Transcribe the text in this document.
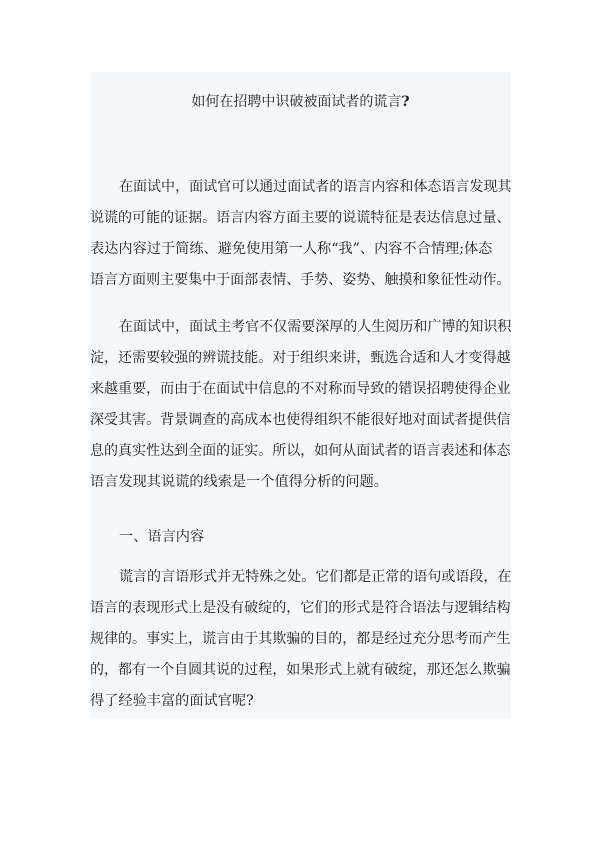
如何在招聘中识破被面试者的谎言?

在面试中，面试官可以通过面试者的语言内容和体态语言发现其
说谎的可能的证据。语言内容方面主要的说谎特征是表达信息过量、
表达内容过于简练、避免使用第一人称“我”、内容不合情理;体态
语言方面则主要集中于面部表情、手势、姿势、触摸和象征性动作。

在面试中，面试主考官不仅需要深厚的人生阅历和广博的知识积
淀，还需要较强的辨谎技能。对于组织来讲，甄选合适和人才变得越
来越重要，而由于在面试中信息的不对称而导致的错误招聘使得企业
深受其害。背景调查的高成本也使得组织不能很好地对面试者提供信
息的真实性达到全面的证实。所以，如何从面试者的语言表述和体态
语言发现其说谎的线索是一个值得分析的问题。

一、语言内容

谎言的言语形式并无特殊之处。它们都是正常的语句或语段，在
语言的表现形式上是没有破绽的，它们的形式是符合语法与逻辑结构
规律的。事实上，谎言由于其欺骗的目的，都是经过充分思考而产生
的，都有一个自圆其说的过程，如果形式上就有破绽，那还怎么欺骗
得了经验丰富的面试官呢?
